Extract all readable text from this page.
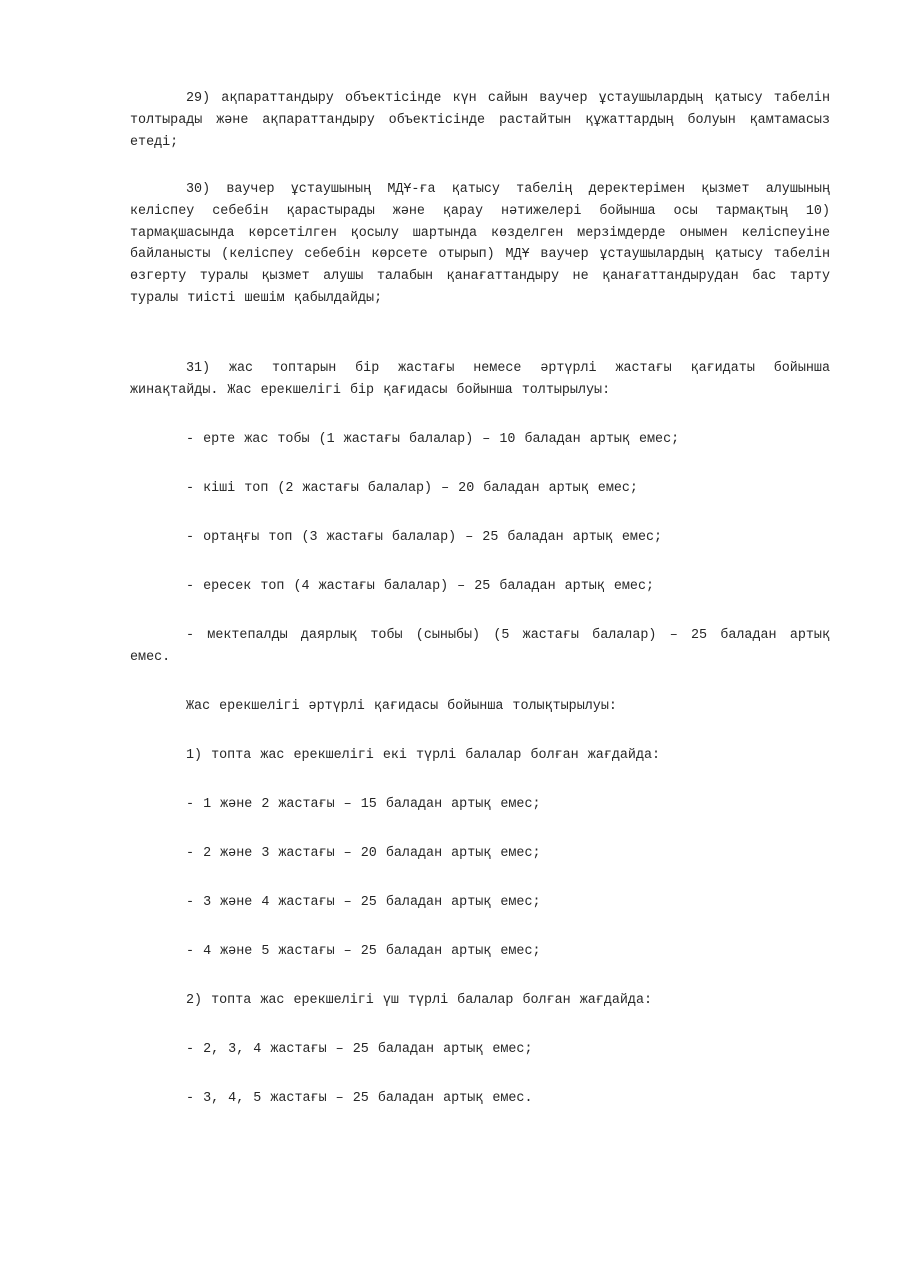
29) ақпараттандыру объектісінде күн сайын ваучер ұстаушылардың қатысу табелін толтырады және ақпараттандыру объектісінде растайтын құжаттардың болуын қамтамасыз етеді;

30) ваучер ұстаушының МДҰ-ға қатысу табелің деректерімен қызмет алушының келіспеу себебін қарастырады және қарау нәтижелері бойынша осы тармақтың 10) тармақшасында көрсетілген қосылу шартында көзделген мерзімдерде онымен келіспеуіне байланысты (келіспеу себебін көрсете отырып) МДҰ ваучер ұстаушылардың қатысу табелін өзгерту туралы қызмет алушы талабын қанағаттандыру не қанағаттандырудан бас тарту туралы тиісті шешім қабылдайды;

31) жас топтарын бір жастағы немесе әртүрлі жастағы қағидаты бойынша жинақтайды. Жас ерекшелігі бір қағидасы бойынша толтырылуы:

- ерте жас тобы (1 жастағы балалар) – 10 баладан артық емес;

- кіші топ (2 жастағы балалар) – 20 баладан артық емес;

- ортаңғы топ (3 жастағы балалар) – 25 баладан артық емес;

- ересек топ (4 жастағы балалар) – 25 баладан артық емес;

- мектепалды даярлық тобы (сыныбы) (5 жастағы балалар) – 25 баладан артық емес.

Жас ерекшелігі әртүрлі қағидасы бойынша толықтырылуы:

1) топта жас ерекшелігі екі түрлі балалар болған жағдайда:

- 1 және 2 жастағы – 15 баладан артық емес;

- 2 және 3 жастағы – 20 баладан артық емес;

- 3 және 4 жастағы – 25 баладан артық емес;

- 4 және 5 жастағы – 25 баладан артық емес;

2) топта жас ерекшелігі үш түрлі балалар болған жағдайда:

- 2, 3, 4 жастағы – 25 баладан артық емес;

- 3, 4, 5 жастағы – 25 баладан артық емес.
